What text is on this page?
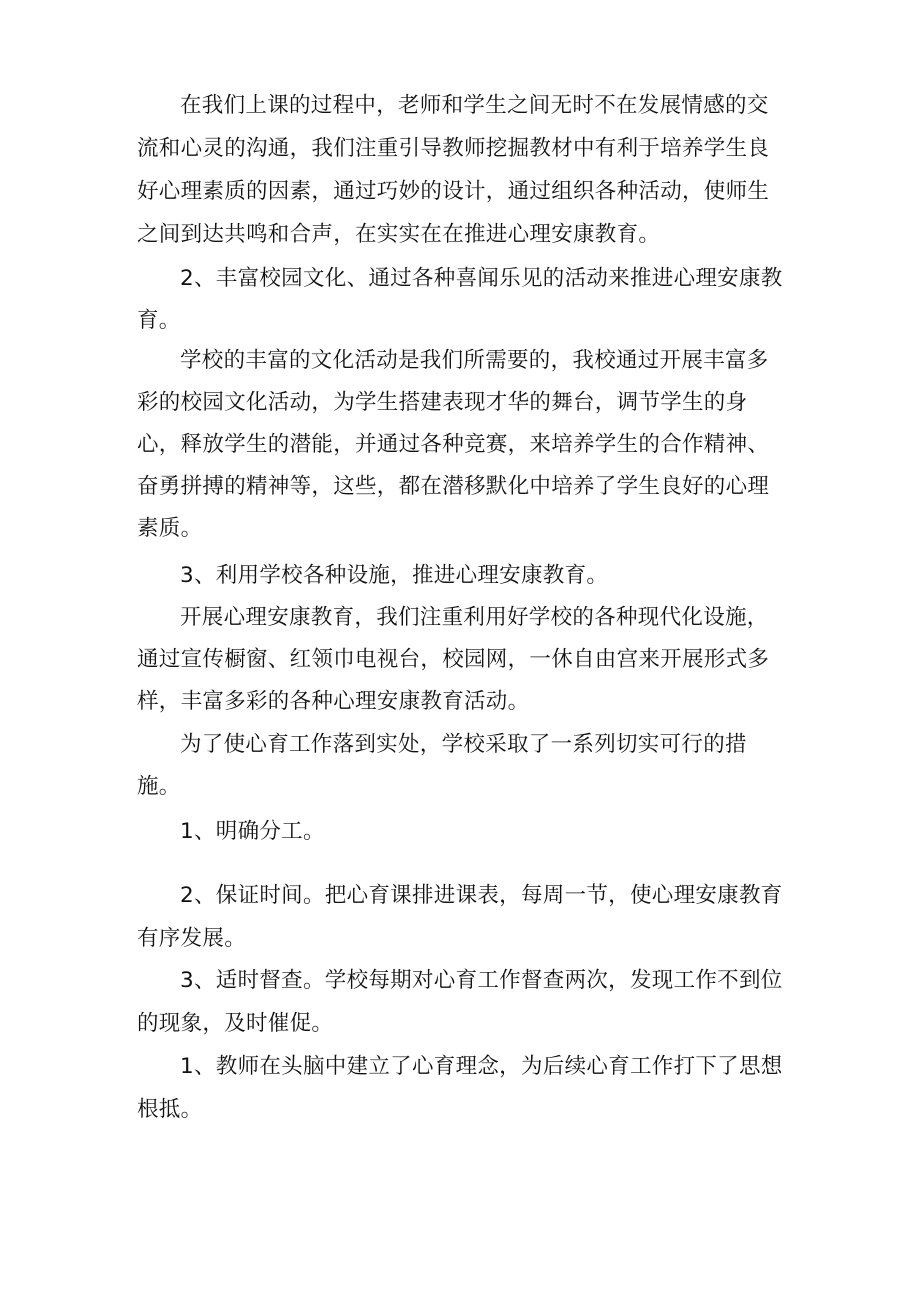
在我们上课的过程中，老师和学生之间无时不在发展情感的交
流和心灵的沟通，我们注重引导教师挖掘教材中有利于培养学生良
好心理素质的因素，通过巧妙的设计，通过组织各种活动，使师生
之间到达共鸣和合声，在实实在在推进心理安康教育。
2、丰富校园文化、通过各种喜闻乐见的活动来推进心理安康教
育。
学校的丰富的文化活动是我们所需要的，我校通过开展丰富多
彩的校园文化活动，为学生搭建表现才华的舞台，调节学生的身
心，释放学生的潜能，并通过各种竞赛，来培养学生的合作精神、
奋勇拼搏的精神等，这些，都在潜移默化中培养了学生良好的心理
素质。
3、利用学校各种设施，推进心理安康教育。
开展心理安康教育，我们注重利用好学校的各种现代化设施，
通过宣传橱窗、红领巾电视台，校园网，一休自由宫来开展形式多
样，丰富多彩的各种心理安康教育活动。
为了使心育工作落到实处，学校采取了一系列切实可行的措
施。
1、明确分工。
2、保证时间。把心育课排进课表，每周一节，使心理安康教育
有序发展。
3、适时督查。学校每期对心育工作督查两次，发现工作不到位
的现象，及时催促。
1、教师在头脑中建立了心育理念，为后续心育工作打下了思想
根抵。
